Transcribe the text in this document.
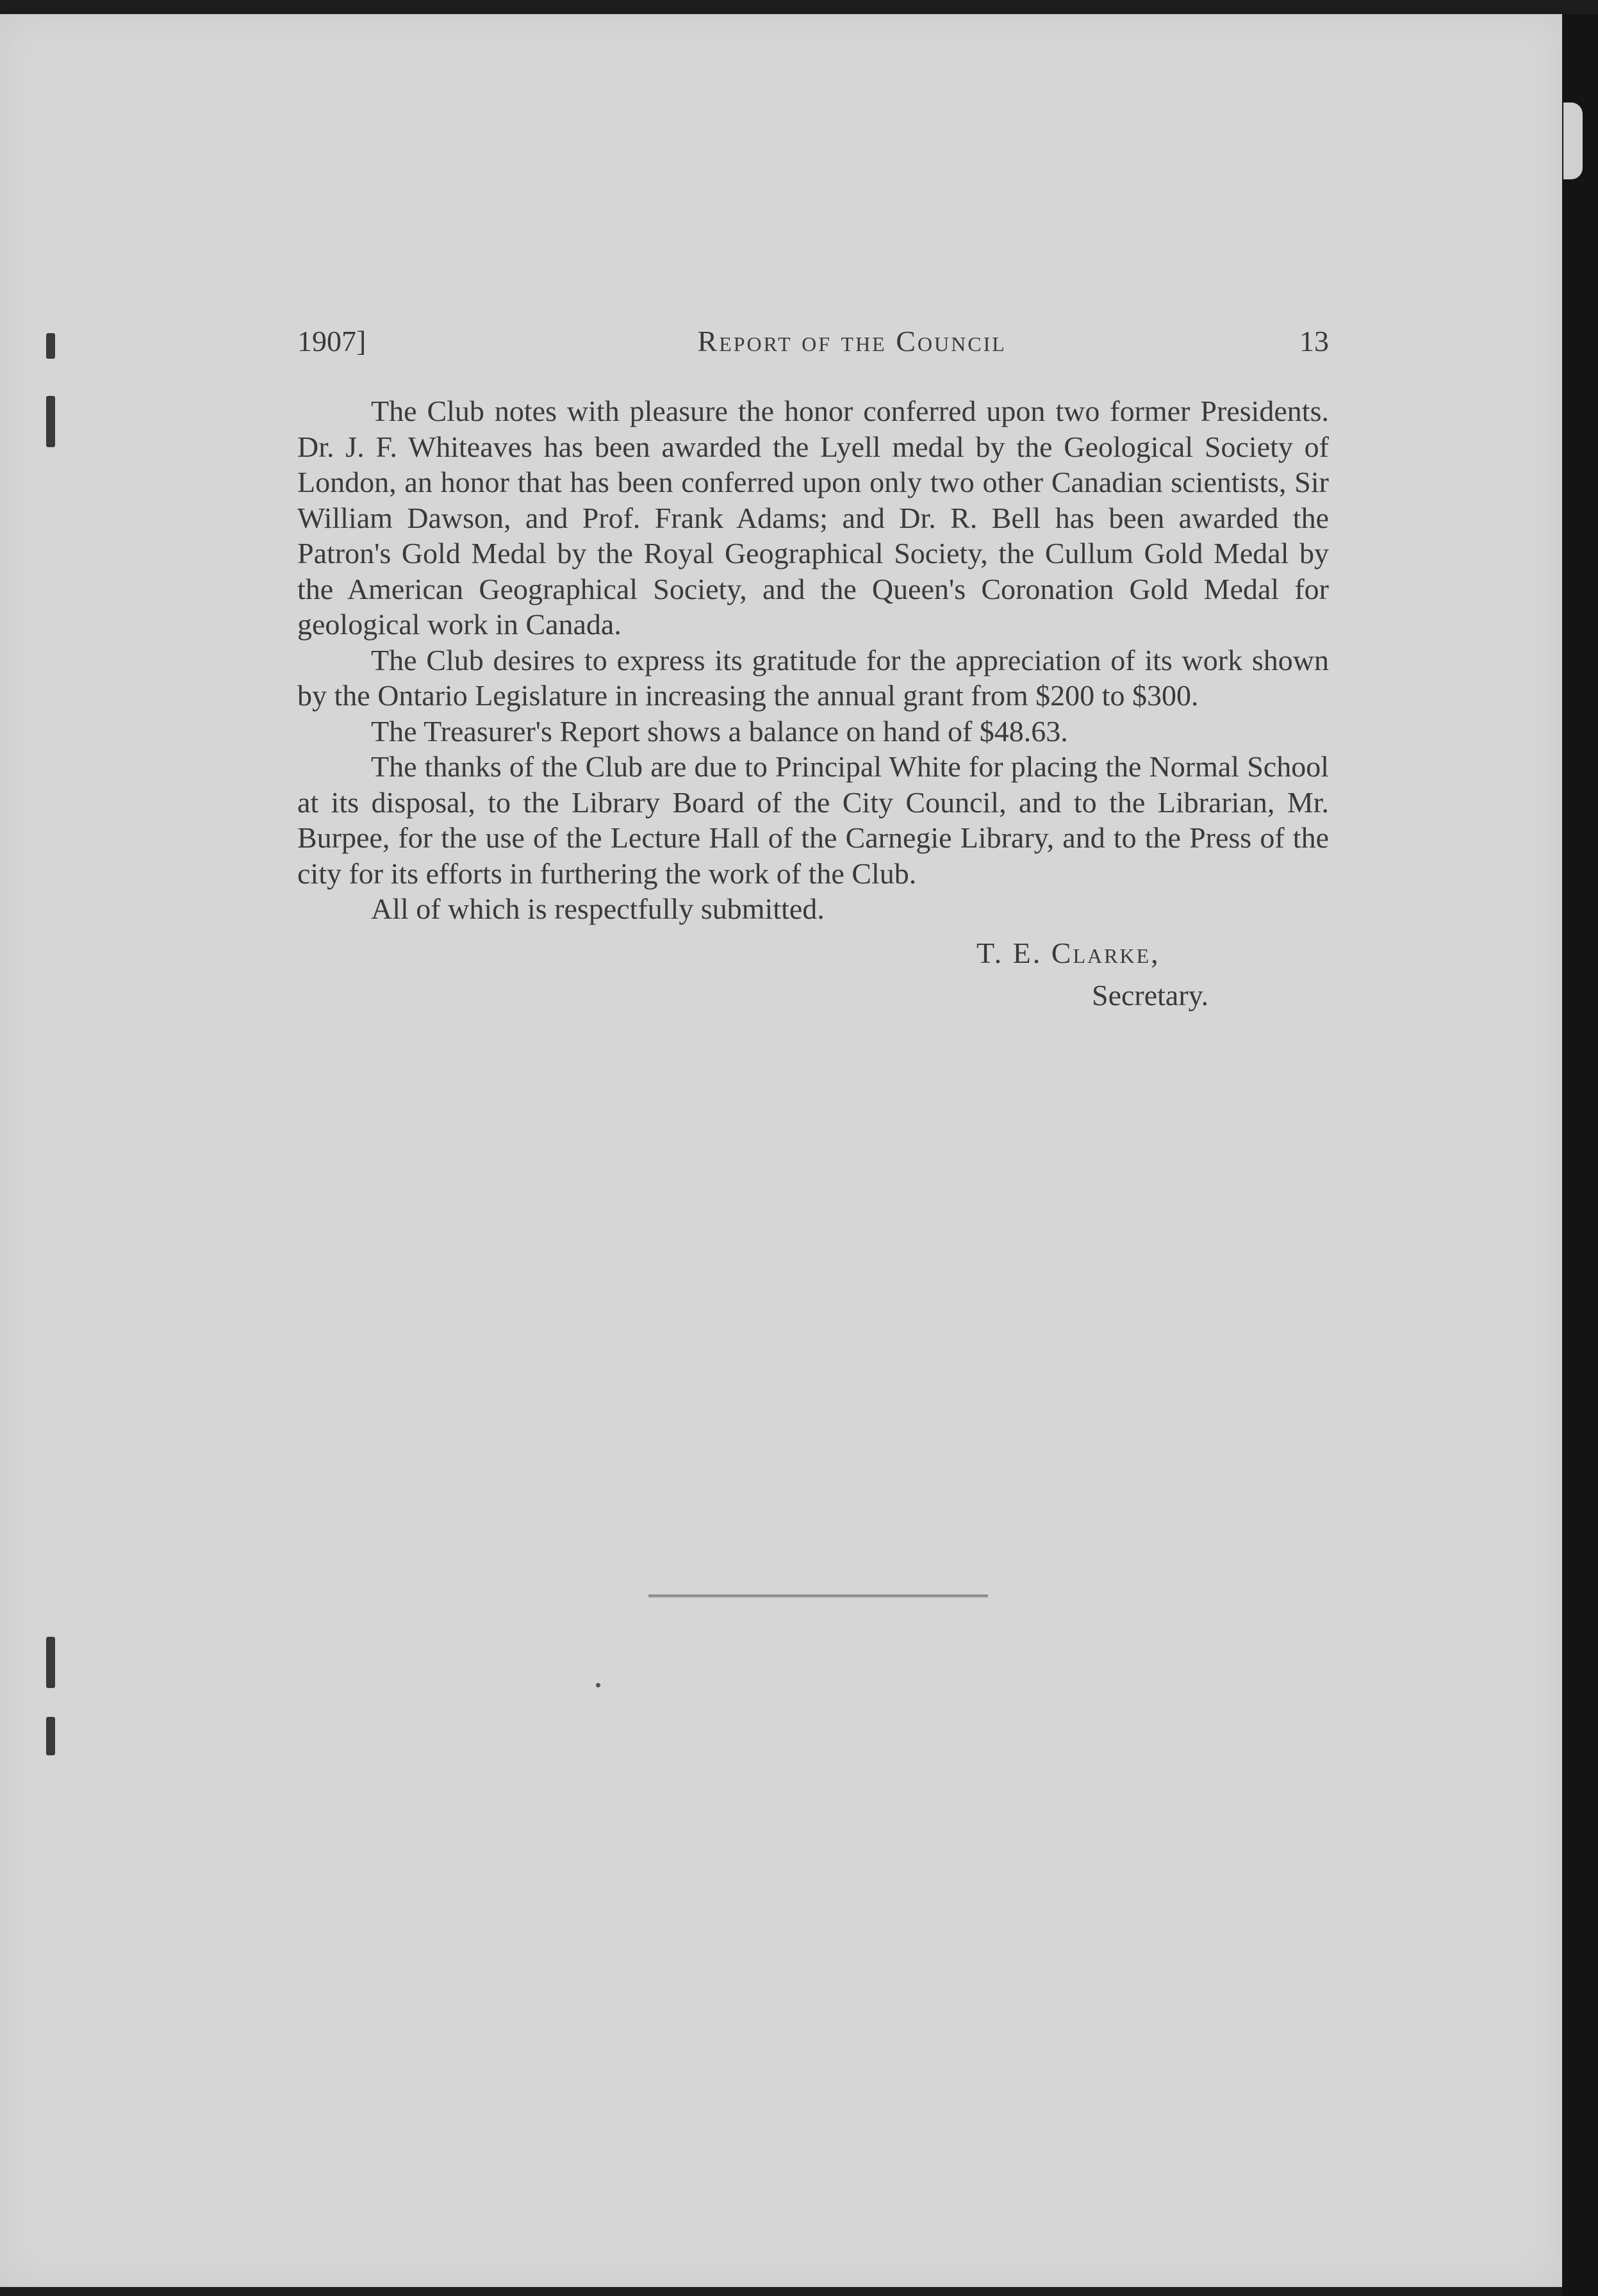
1907]	Report of the Council	13

The Club notes with pleasure the honor conferred upon two former Presidents. Dr. J. F. Whiteaves has been awarded the Lyell medal by the Geological Society of London, an honor that has been conferred upon only two other Canadian scientists, Sir William Dawson, and Prof. Frank Adams; and Dr. R. Bell has been awarded the Patron's Gold Medal by the Royal Geographical Society, the Cullum Gold Medal by the American Geographical Society, and the Queen's Coronation Gold Medal for geological work in Canada.

The Club desires to express its gratitude for the appreciation of its work shown by the Ontario Legislature in increasing the annual grant from $200 to $300.

The Treasurer's Report shows a balance on hand of $48.63.

The thanks of the Club are due to Principal White for placing the Normal School at its disposal, to the Library Board of the City Council, and to the Librarian, Mr. Burpee, for the use of the Lecture Hall of the Carnegie Library, and to the Press of the city for its efforts in furthering the work of the Club.

All of which is respectfully submitted.

T. E. Clarke,
Secretary.
